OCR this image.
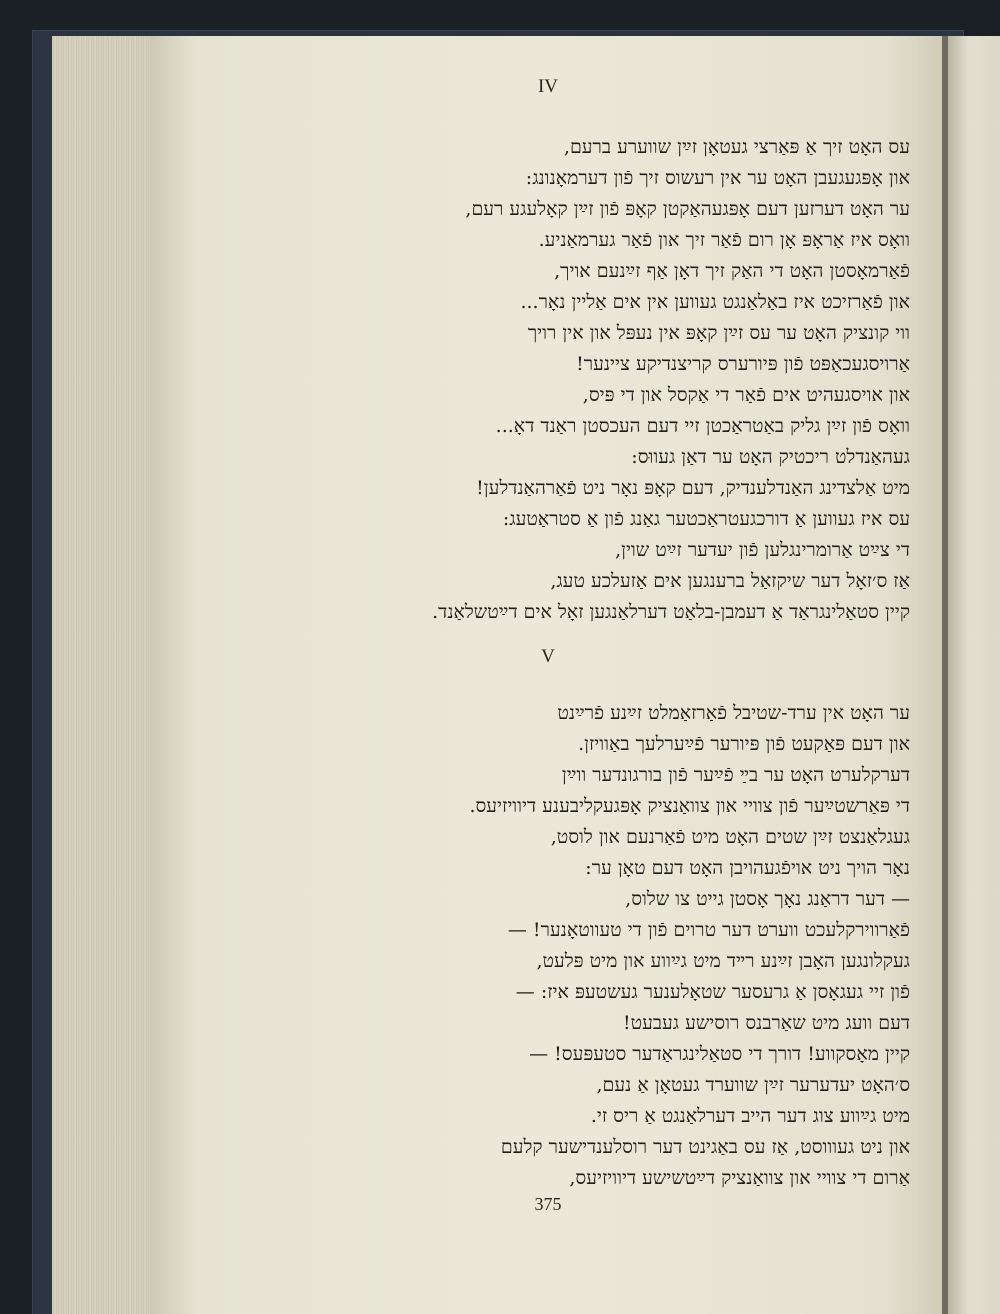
IV
עס האָט זיך אַ פּאַרצי געטאָן זײַן שווערע ברעם,
און אָפּגעגעבן האָט ער אין רעשוס זיך פֿון דערמאָנונג:
ער האָט דערזען דעם אָפּגעהאַקטן קאָפּ פֿון זײַן קאָלעגע רעם,
וואָס איז אַראָפּ אָן רום פֿאַר זיך און פֿאַר גערמאַניע.
פֿאַרמאָסטן האָט די האַק זיך דאָן אַף זײַנעם אויך,
און פֿאַרזיכט איז באַלאַנגט געווען אין אים אַליין נאָר...
ווי קונציק האָט ער עס זײַן קאָפּ אין נעפּל און אין רויך
אַרויסגעכאַפּט פֿון פּיורערס קריצנדיקע ציינער!
און אויסגעהיט אים פֿאַר די אַקסל און די פּיס,
וואָס פֿון זײַן גליק באַטראַכטן זיי דעם העכסטן ראַנד דאָ...
געהאַנדלט ריכטיק האָט ער דאַן געווּס:
מיט אַלצדינג האַנדלענדיק, דעם קאָפּ נאָר ניט פֿאַרהאַנדלען!
עס איז געווען אַ דורכגעטראַכטער גאַנג פֿון אַ סטראַטעג:
די צײַט אַרומרינגלען פֿון יעדער זײַט שוין,
אַז ס׳זאָל דער שיקזאַל ברענגען אים אַזעלכע טעג,
קיין סטאַלינגראַד אַ דעמבן-בלאַט דערלאַנגען זאָל אים דײַטשלאַנד.
V
ער האָט אין ערד-שטיבל פֿאַרזאַמלט זײַנע פֿרײַנט
און דעם פּאַקעט פֿון פּיורער פֿײַערלעך באַוויזן.
דערקלערט האָט ער בײַ פֿײַער פֿון בורגונדער ווײַן
די פּאַרשטײַער פֿון צוויי און צוואַנציק אָפּגעקליבענע דיוויזיעס.
געגלאַנצט זײַן שטים האָט מיט פֿאַרנעם און לוסט,
נאָר הויך ניט אויפֿגעהויבן האָט דעם טאָן ער:
— דער דראַנג נאָך אָסטן גייט צו שלוס,
פֿאַרווירקלעכט ווערט דער טרוים פֿון די טעווטאָנער! —
געקלונגען האָבן זײַנע רײד מיט גײַווע און מיט פּלעט,
פֿון זיי געגאָסן אַ גרעסער שטאָלענער געשטעפּ איז: —
דעם וועג מיט שאַרבנס רוסישע געבעט!
קיין מאָסקווע! דורך די סטאַלינגראַדער סטעפּעס! —
ס׳האָט יעדערער זײַן שווערד געטאָן אַ נעם,
מיט גײַווע צוג דער הייב דערלאַנגט אַ ריס זי.
און ניט געוווסט, אַז עס באַגינט דער רוסלענדישער קלעם
אַרום די צוויי און צוואַנציק דײַטשישע דיוויזיעס,
375
